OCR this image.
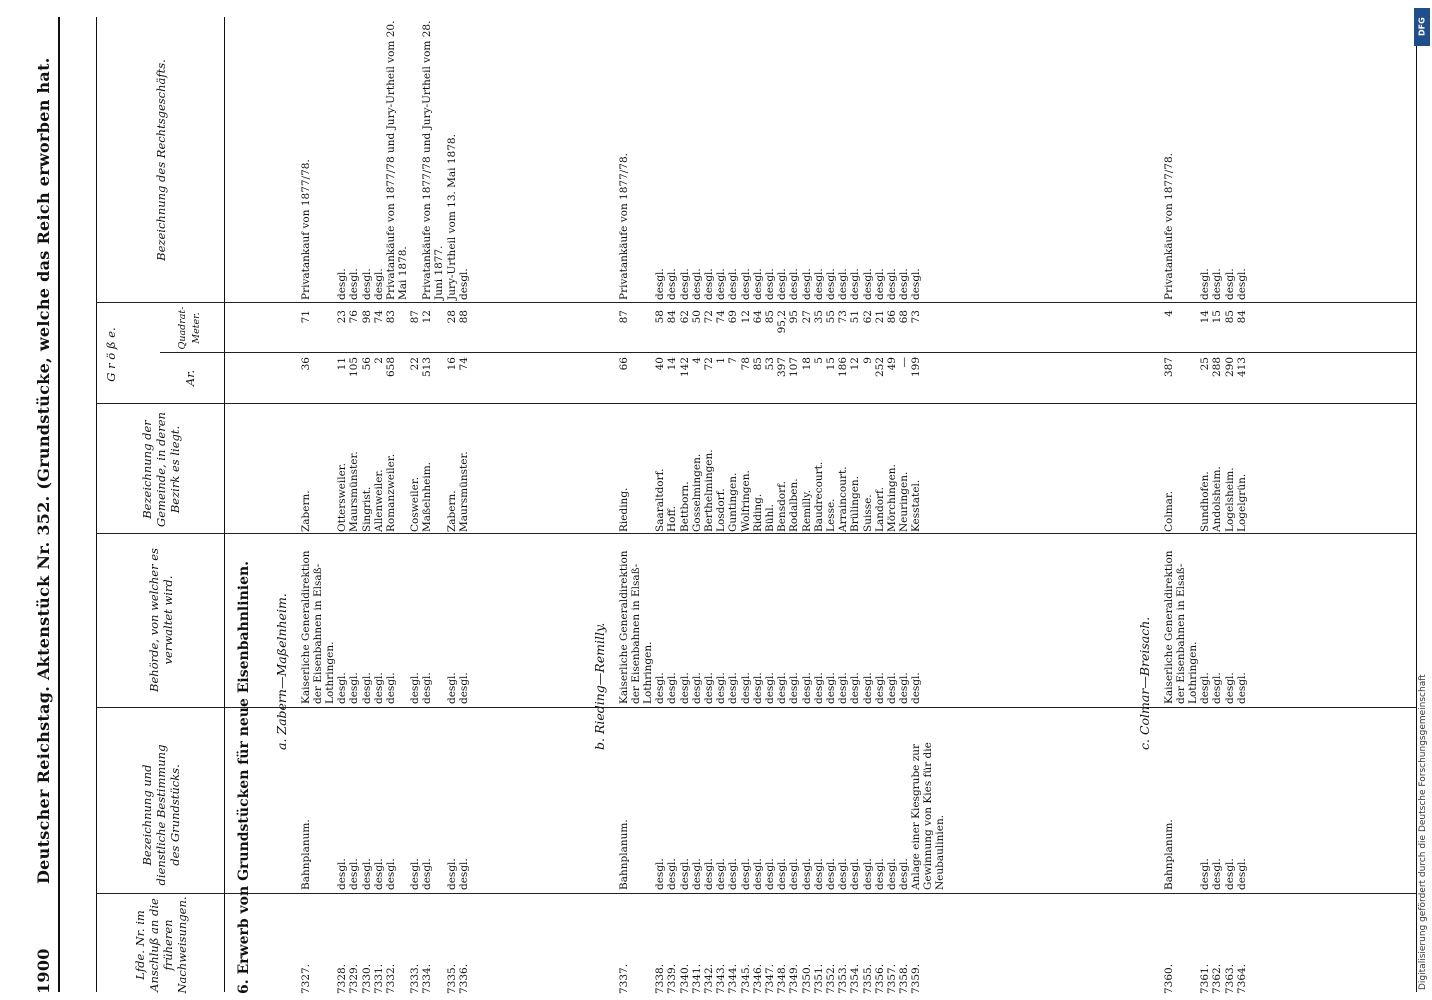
1900
Deutscher Reichstag. Aktenstück Nr. 352. (Grundstücke, welche das Reich erworben hat.
Lfde. Nr. im Anschluß an die früheren Nachweisungen.
Bezeichnung und dienstliche Bestimmung des Grundstücks.
Behörde, von welcher es verwaltet wird.
Bezeichnung der Gemeinde, in deren Bezirk es liegt.
G r ö ß e.	Ar.
Quadrat-Meter.
Bezeichnung des Rechtsgeschäfts.
6. Erwerb von Grundstücken für neue Eisenbahnlinien. a. Zabern—Maßelnheim.
7327.
Bahnplanum.
Kaiserliche Generaldirektion der Eisenbahnen in Elsaß-Lothringen.
Zabern.
36
71
Privatankauf von 1877/78.
7328.
desgl.
desgl.
Ottersweiler.
11
23
desgl.
7329.
desgl.
desgl.
Maursmünster.
105
76
desgl.
7330.
desgl.
desgl.
Singrist.
56
98
desgl.
7331.
desgl.
desgl.
Allenweiler.
2
74
desgl.
7332.
desgl.
desgl.
Romanzweiler.
658
83
Privatankäufe von 1877/78 und Jury-Urtheil vom 20. Mai 1878.
7333.
desgl.
desgl.
Cosweiler.
22
87
7334.
desgl.
desgl.
Maßelnheim.
513
12
Privatankäufe von 1877/78 und Jury-Urtheil vom 28. Juni 1877.
7335.
desgl.
desgl.
Zabern.
16
28
Jury-Urtheil vom 13. Mai 1878.
7336.
desgl.
desgl.
Maursmünster.
74
88
desgl.
b. Rieding—Remilly.
7337.
Bahnplanum.
Kaiserliche Generaldirektion der Eisenbahnen in Elsaß-Lothringen.
Rieding.
66
87
Privatankäufe von 1877/78.
7338.
desgl.
desgl.
Saaraltdorf.
40
58
desgl.
7339.
desgl.
desgl.
Hoff.
14
84
desgl.
7340.
desgl.
desgl.
Bettborn.
142
62
desgl.
7341.
desgl.
desgl.
Gosselmingen.
4
50
desgl.
7342.
desgl.
desgl.
Berthelmingen.
72
72
desgl.
7343.
desgl.
desgl.
Losdorf.
1
74
desgl.
7344.
desgl.
desgl.
Guntingen.
7
69
desgl.
7345.
desgl.
desgl.
Wolfringen.
78
12
desgl.
7346.
desgl.
desgl.
Riding.
85
64
desgl.
7347.
desgl.
desgl.
Bühl.
53
85
desgl.
7348.
desgl.
desgl.
Bensdorf.
397
95,2
desgl.
7349.
desgl.
desgl.
Rodalben.
107
95
desgl.
7350.
desgl.
desgl.
Remilly.
18
27
desgl.
7351.
desgl.
desgl.
Baudrecourt.
5
35
desgl.
7352.
desgl.
desgl.
Lesse.
15
55
desgl.
7353.
desgl.
desgl.
Arraincourt.
186
73
desgl.
7354.
desgl.
desgl.
Brülingen.
12
51
desgl.
7355.
desgl.
desgl.
Suisse.
9
62
desgl.
7356.
desgl.
desgl.
Landorf.
252
21
desgl.
7357.
desgl.
desgl.
Mörchingen.
49
86
desgl.
7358.
desgl.
desgl.
Neuringen.
—
68
desgl.
7359.
Anlage einer Kiesgrube zur Gewinnung von Kies für die Neubaulinien.
desgl.
Kesstatel.
199
73
desgl.
c. Colmar—Breisach.
7360.
Bahnplanum.
Kaiserliche Generaldirektion der Eisenbahnen in Elsaß-Lothringen.
Colmar.
387
4
Privatankäufe von 1877/78.
7361.
desgl.
desgl.
Sundhofen.
25
14
desgl.
7362.
desgl.
desgl.
Andolsheim.
288
15
desgl.
7363.
desgl.
desgl.
Logelsheim.
290
85
desgl.
7364.
desgl.
desgl.
Logelgrün.
413
84
desgl.
DFG
Digitalisierung gefördert durch die Deutsche Forschungsgemeinschaft
